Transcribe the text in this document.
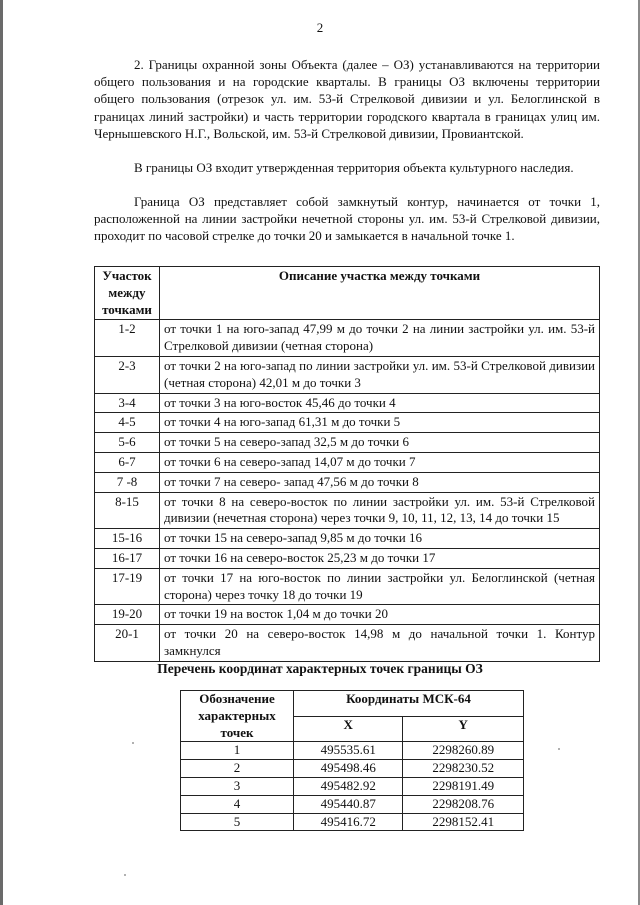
2
2. Границы охранной зоны Объекта (далее – ОЗ) устанавливаются на территории общего пользования и на городские кварталы. В границы ОЗ включены территории общего пользования (отрезок ул. им. 53-й Стрелковой дивизии и ул. Белоглинской в границах линий застройки) и часть территории городского квартала в границах улиц им. Чернышевского Н.Г., Вольской, им. 53-й Стрелковой дивизии, Провиантской.
В границы ОЗ входит утвержденная территория объекта культурного наследия.
Граница ОЗ представляет собой замкнутый контур, начинается от точки 1, расположенной на линии застройки нечетной стороны ул. им. 53-й Стрелковой дивизии, проходит по часовой стрелке до точки 20 и замыкается в начальной точке 1.
Участок между точками	Описание участка между точками
1-2	от точки 1 на юго-запад 47,99 м до точки 2 на линии застройки ул. им. 53-й Стрелковой дивизии (четная сторона)
2-3	от точки 2 на юго-запад по линии застройки ул. им. 53-й Стрелковой дивизии (четная сторона) 42,01 м до точки 3
3-4	от точки 3 на юго-восток 45,46 до точки 4
4-5	от точки 4 на юго-запад 61,31 м до точки 5
5-6	от точки 5 на северо-запад 32,5 м до точки 6
6-7	от точки 6 на северо-запад 14,07 м до точки 7
7 -8	от точки 7 на северо- запад 47,56 м до точки 8
8-15	от точки 8 на северо-восток по линии застройки ул. им. 53-й Стрелковой дивизии (нечетная сторона) через точки 9, 10, 11, 12, 13, 14 до точки 15
15-16	от точки 15 на северо-запад 9,85 м до точки 16
16-17	от точки 16 на северо-восток 25,23 м до точки 17
17-19	от точки 17 на юго-восток по линии застройки ул. Белоглинской (четная сторона) через точку 18 до точки 19
19-20	от точки 19 на восток 1,04 м до точки 20
20-1	от точки 20 на северо-восток 14,98 м до начальной точки 1. Контур замкнулся
Перечень координат характерных точек границы ОЗ
Обозначение характерных точек	Координаты МСК-64	
	X	Y
1	495535.61	2298260.89
2	495498.46	2298230.52
3	495482.92	2298191.49
4	495440.87	2298208.76
5	495416.72	2298152.41
